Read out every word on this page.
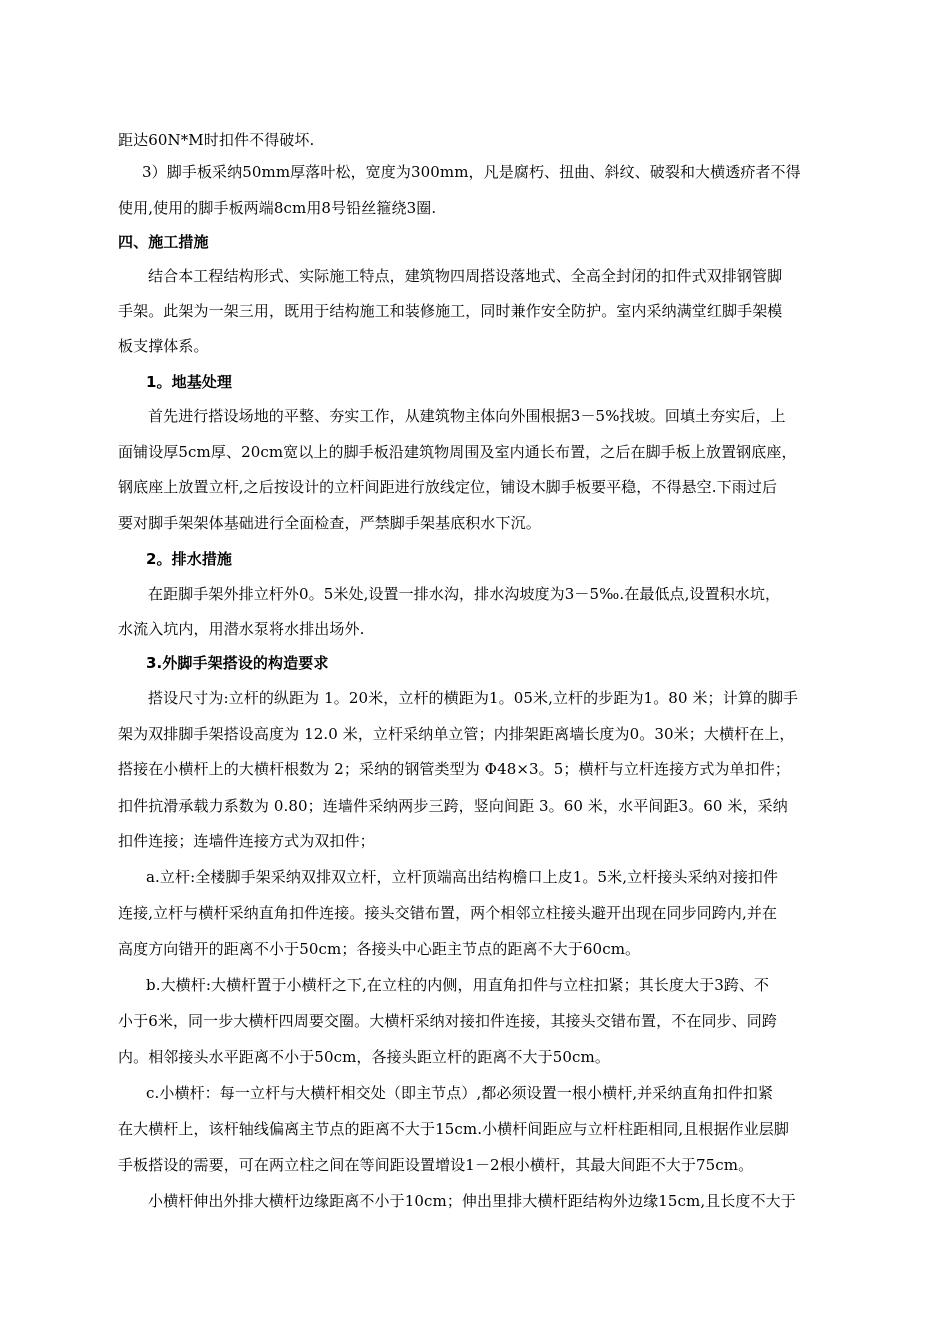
距达60N*M时扣件不得破坏.
3）脚手板采纳50mm厚落叶松，宽度为300mm，凡是腐朽、扭曲、斜纹、破裂和大横透疥者不得
使用,使用的脚手板两端8cm用8号铅丝箍绕3圈.
四、施工措施
结合本工程结构形式、实际施工特点，建筑物四周搭设落地式、全高全封闭的扣件式双排钢管脚
手架。此架为一架三用，既用于结构施工和装修施工，同时兼作安全防护。室内采纳满堂红脚手架模
板支撑体系。
1。地基处理
首先进行搭设场地的平整、夯实工作，从建筑物主体向外围根据3－5%找坡。回填土夯实后，上
面铺设厚5cm厚、20cm宽以上的脚手板沿建筑物周围及室内通长布置，之后在脚手板上放置钢底座，
钢底座上放置立杆,之后按设计的立杆间距进行放线定位，铺设木脚手板要平稳，不得悬空.下雨过后
要对脚手架架体基础进行全面检查，严禁脚手架基底积水下沉。
2。排水措施
在距脚手架外排立杆外0。5米处,设置一排水沟，排水沟坡度为3－5‰.在最低点,设置积水坑，
水流入坑内，用潜水泵将水排出场外.
3.外脚手架搭设的构造要求
搭设尺寸为:立杆的纵距为 1。20米，立杆的横距为1。05米,立杆的步距为1。80 米；计算的脚手
架为双排脚手架搭设高度为 12.0 米，立杆采纳单立管；内排架距离墙长度为0。30米；大横杆在上，
搭接在小横杆上的大横杆根数为 2；采纳的钢管类型为 Φ48×3。5；横杆与立杆连接方式为单扣件；
扣件抗滑承载力系数为 0.80；连墙件采纳两步三跨，竖向间距 3。60 米，水平间距3。60 米，采纳
扣件连接；连墙件连接方式为双扣件；
a.立杆:全楼脚手架采纳双排双立杆，立杆顶端高出结构檐口上皮1。5米,立杆接头采纳对接扣件
连接,立杆与横杆采纳直角扣件连接。接头交错布置，两个相邻立柱接头避开出现在同步同跨内,并在
高度方向错开的距离不小于50cm；各接头中心距主节点的距离不大于60cm。
b.大横杆:大横杆置于小横杆之下,在立柱的内侧，用直角扣件与立柱扣紧；其长度大于3跨、不
小于6米，同一步大横杆四周要交圈。大横杆采纳对接扣件连接，其接头交错布置，不在同步、同跨
内。相邻接头水平距离不小于50cm，各接头距立杆的距离不大于50cm。
c.小横杆：每一立杆与大横杆相交处（即主节点）,都必须设置一根小横杆,并采纳直角扣件扣紧
在大横杆上，该杆轴线偏离主节点的距离不大于15cm.小横杆间距应与立杆柱距相同,且根据作业层脚
手板搭设的需要，可在两立柱之间在等间距设置增设1－2根小横杆，其最大间距不大于75cm。
小横杆伸出外排大横杆边缘距离不小于10cm；伸出里排大横杆距结构外边缘15cm,且长度不大于
